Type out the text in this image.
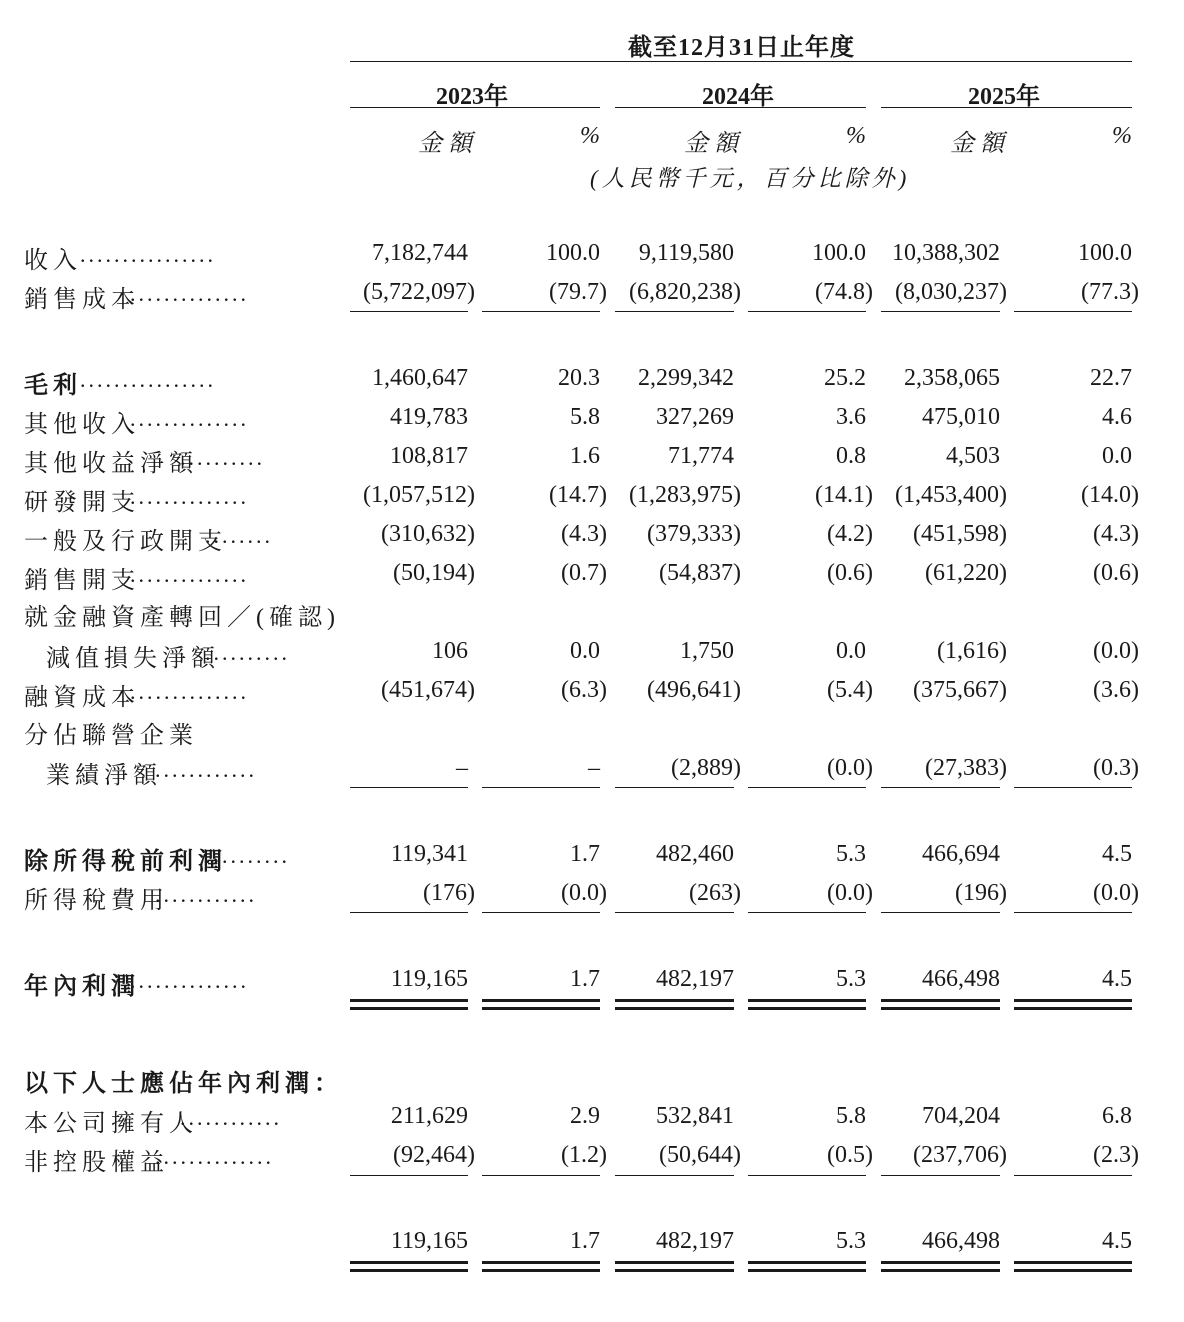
截至12月31日止年度
2023年	2024年	2025年
金額	%	金額	%	金額	%
(人民幣千元，百分比除外)
收入
................	7,182,744	100.0	9,119,580	100.0	10,388,302	100.0
銷售成本
..............	(5,722,097)	(79.7) (6,820,238)	(74.8) (8,030,237)	(77.3)
毛利
................	1,460,647	20.3	2,299,342	25.2	2,358,065	22.7
其他收入
..............	419,783	5.8	327,269	3.6	475,010	4.6
其他收益淨額
..........	108,817	1.6	71,774	0.8	4,503	0.0
研發開支
..............	(1,057,512)	(14.7) (1,283,975)	(14.1) (1,453,400)	(14.0)
一般及行政開支
........	(310,632)	(4.3)	(379,333)	(4.2)	(451,598)	(4.3)
銷售開支
..............	(50,194)	(0.7)	(54,837)	(0.6)	(61,220)	(0.6)
就金融資產轉回／(確認)
減值損失淨額
..........	106	0.0	1,750	0.0	(1,616)	(0.0)
融資成本
..............	(451,674)	(6.3)	(496,641)	(5.4)	(375,667)	(3.6)
分佔聯營企業
業績淨額
............	–	–	(2,889)	(0.0)	(27,383)	(0.3)
除所得稅前利潤
..........	119,341	1.7	482,460	5.3	466,694	4.5
所得稅費用
............	(176)	(0.0)	(263)	(0.0)	(196)	(0.0)
年內利潤
..............	119,165	1.7	482,197	5.3	466,498	4.5
以下人士應佔年內利潤：
本公司擁有人
............	211,629	2.9	532,841	5.8	704,204	6.8
非控股權益
..............	(92,464)	(1.2)	(50,644)	(0.5)	(237,706)	(2.3)
119,165	1.7	482,197	5.3	466,498	4.5
